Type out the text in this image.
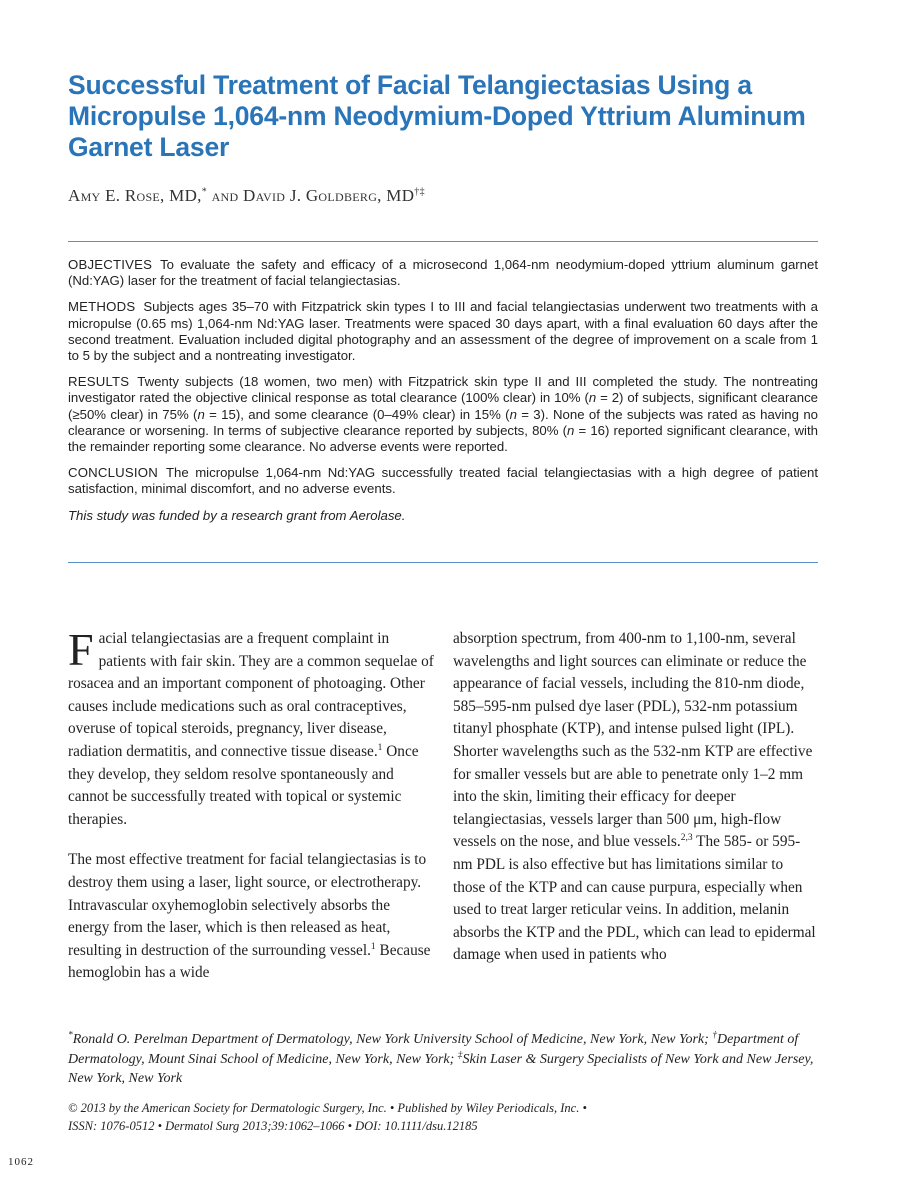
Successful Treatment of Facial Telangiectasias Using a Micropulse 1,064-nm Neodymium-Doped Yttrium Aluminum Garnet Laser
Amy E. Rose, MD,* and David J. Goldberg, MD†‡

OBJECTIVES To evaluate the safety and efficacy of a microsecond 1,064-nm neodymium-doped yttrium aluminum garnet (Nd:YAG) laser for the treatment of facial telangiectasias.

METHODS Subjects ages 35–70 with Fitzpatrick skin types I to III and facial telangiectasias underwent two treatments with a micropulse (0.65 ms) 1,064-nm Nd:YAG laser. Treatments were spaced 30 days apart, with a final evaluation 60 days after the second treatment. Evaluation included digital photography and an assessment of the degree of improvement on a scale from 1 to 5 by the subject and a nontreating investigator.

RESULTS Twenty subjects (18 women, two men) with Fitzpatrick skin type II and III completed the study. The nontreating investigator rated the objective clinical response as total clearance (100% clear) in 10% (n = 2) of subjects, significant clearance (≥50% clear) in 75% (n = 15), and some clearance (0–49% clear) in 15% (n = 3). None of the subjects was rated as having no clearance or worsening. In terms of subjective clearance reported by subjects, 80% (n = 16) reported significant clearance, with the remainder reporting some clearance. No adverse events were reported.

CONCLUSION The micropulse 1,064-nm Nd:YAG successfully treated facial telangiectasias with a high degree of patient satisfaction, minimal discomfort, and no adverse events.

This study was funded by a research grant from Aerolase.

Facial telangiectasias are a frequent complaint in patients with fair skin. They are a common sequelae of rosacea and an important component of photoaging. Other causes include medications such as oral contraceptives, overuse of topical steroids, pregnancy, liver disease, radiation dermatitis, and connective tissue disease.$^1$ Once they develop, they seldom resolve spontaneously and cannot be successfully treated with topical or systemic therapies.

The most effective treatment for facial telangiectasias is to destroy them using a laser, light source, or electrotherapy. Intravascular oxyhemoglobin selectively absorbs the energy from the laser, which is then released as heat, resulting in destruction of the surrounding vessel.$^1$ Because hemoglobin has a wide

absorption spectrum, from 400-nm to 1,100-nm, several wavelengths and light sources can eliminate or reduce the appearance of facial vessels, including the 810-nm diode, 585–595-nm pulsed dye laser (PDL), 532-nm potassium titanyl phosphate (KTP), and intense pulsed light (IPL). Shorter wavelengths such as the 532-nm KTP are effective for smaller vessels but are able to penetrate only 1–2 mm into the skin, limiting their efficacy for deeper telangiectasias, vessels larger than 500 μm, high-flow vessels on the nose, and blue vessels.$^{2,3}$ The 585- or 595-nm PDL is also effective but has limitations similar to those of the KTP and can cause purpura, especially when used to treat larger reticular veins. In addition, melanin absorbs the KTP and the PDL, which can lead to epidermal damage when used in patients who

*Ronald O. Perelman Department of Dermatology, New York University School of Medicine, New York, New York; †Department of Dermatology, Mount Sinai School of Medicine, New York, New York; ‡Skin Laser & Surgery Specialists of New York and New Jersey, New York, New York

© 2013 by the American Society for Dermatologic Surgery, Inc. • Published by Wiley Periodicals, Inc. •

ISSN: 1076-0512 • Dermatol Surg 2013;39:1062–1066 • DOI: 10.1111/dsu.12185

1062
